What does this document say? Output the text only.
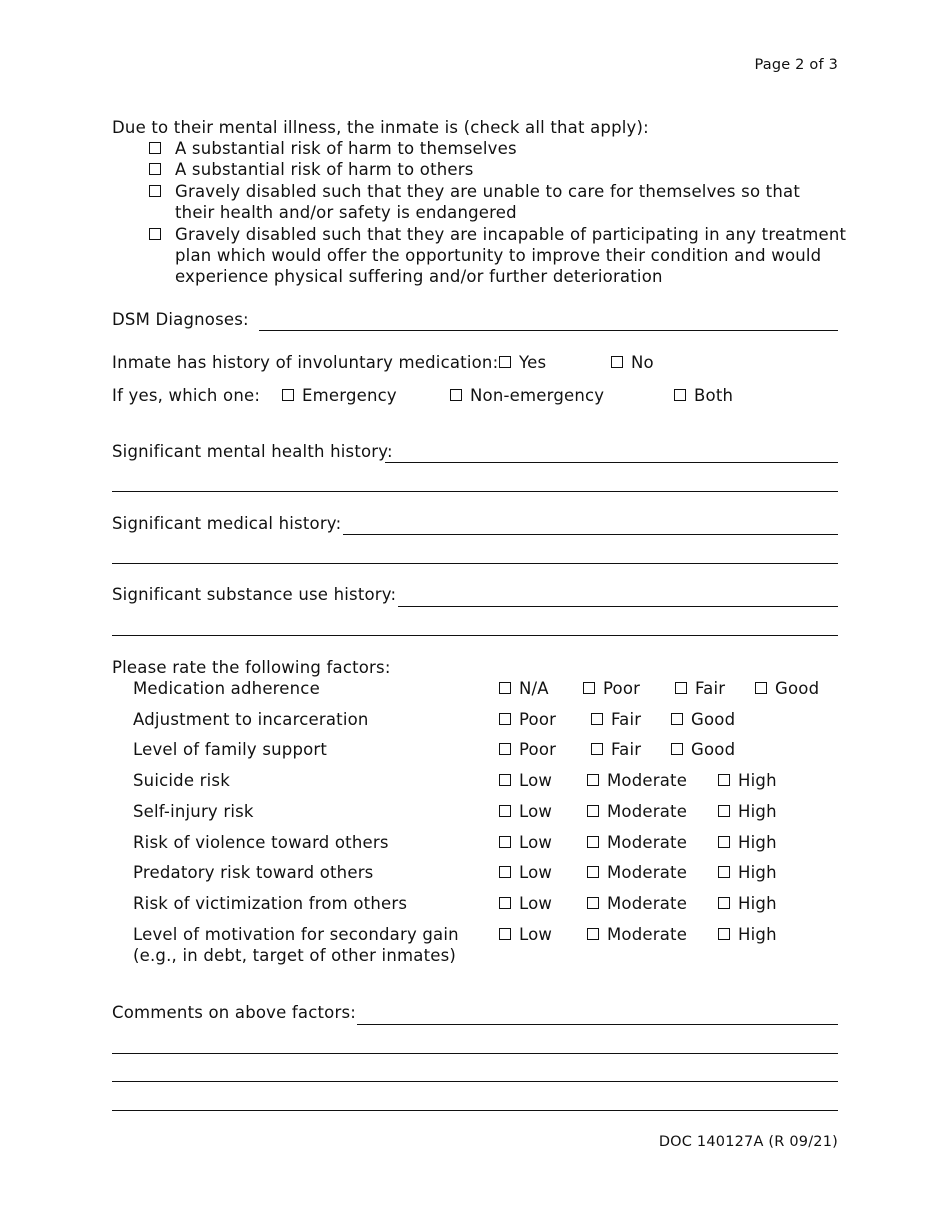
Page 2 of 3
Due to their mental illness, the inmate is (check all that apply):
A substantial risk of harm to themselves
A substantial risk of harm to others
Gravely disabled such that they are unable to care for themselves so that
their health and/or safety is endangered
Gravely disabled such that they are incapable of participating in any treatment
plan which would offer the opportunity to improve their condition and would
experience physical suffering and/or further deterioration
DSM Diagnoses:
Inmate has history of involuntary medication:	Yes	No
If yes, which one:	Emergency	Non-emergency	Both
Significant mental health history:
Significant medical history:
Significant substance use history:
Please rate the following factors:
Medication adherence	N/A	Poor	Fair	Good
Adjustment to incarceration	Poor	Fair	Good
Level of family support	Poor	Fair	Good
Suicide risk	Low	Moderate	High
Self-injury risk	Low	Moderate	High
Risk of violence toward others	Low	Moderate	High
Predatory risk toward others	Low	Moderate	High
Risk of victimization from others	Low	Moderate	High
Level of motivation for secondary gain
(e.g., in debt, target of other inmates)
Low	Moderate	High
Comments on above factors:
DOC 140127A (R 09/21)
